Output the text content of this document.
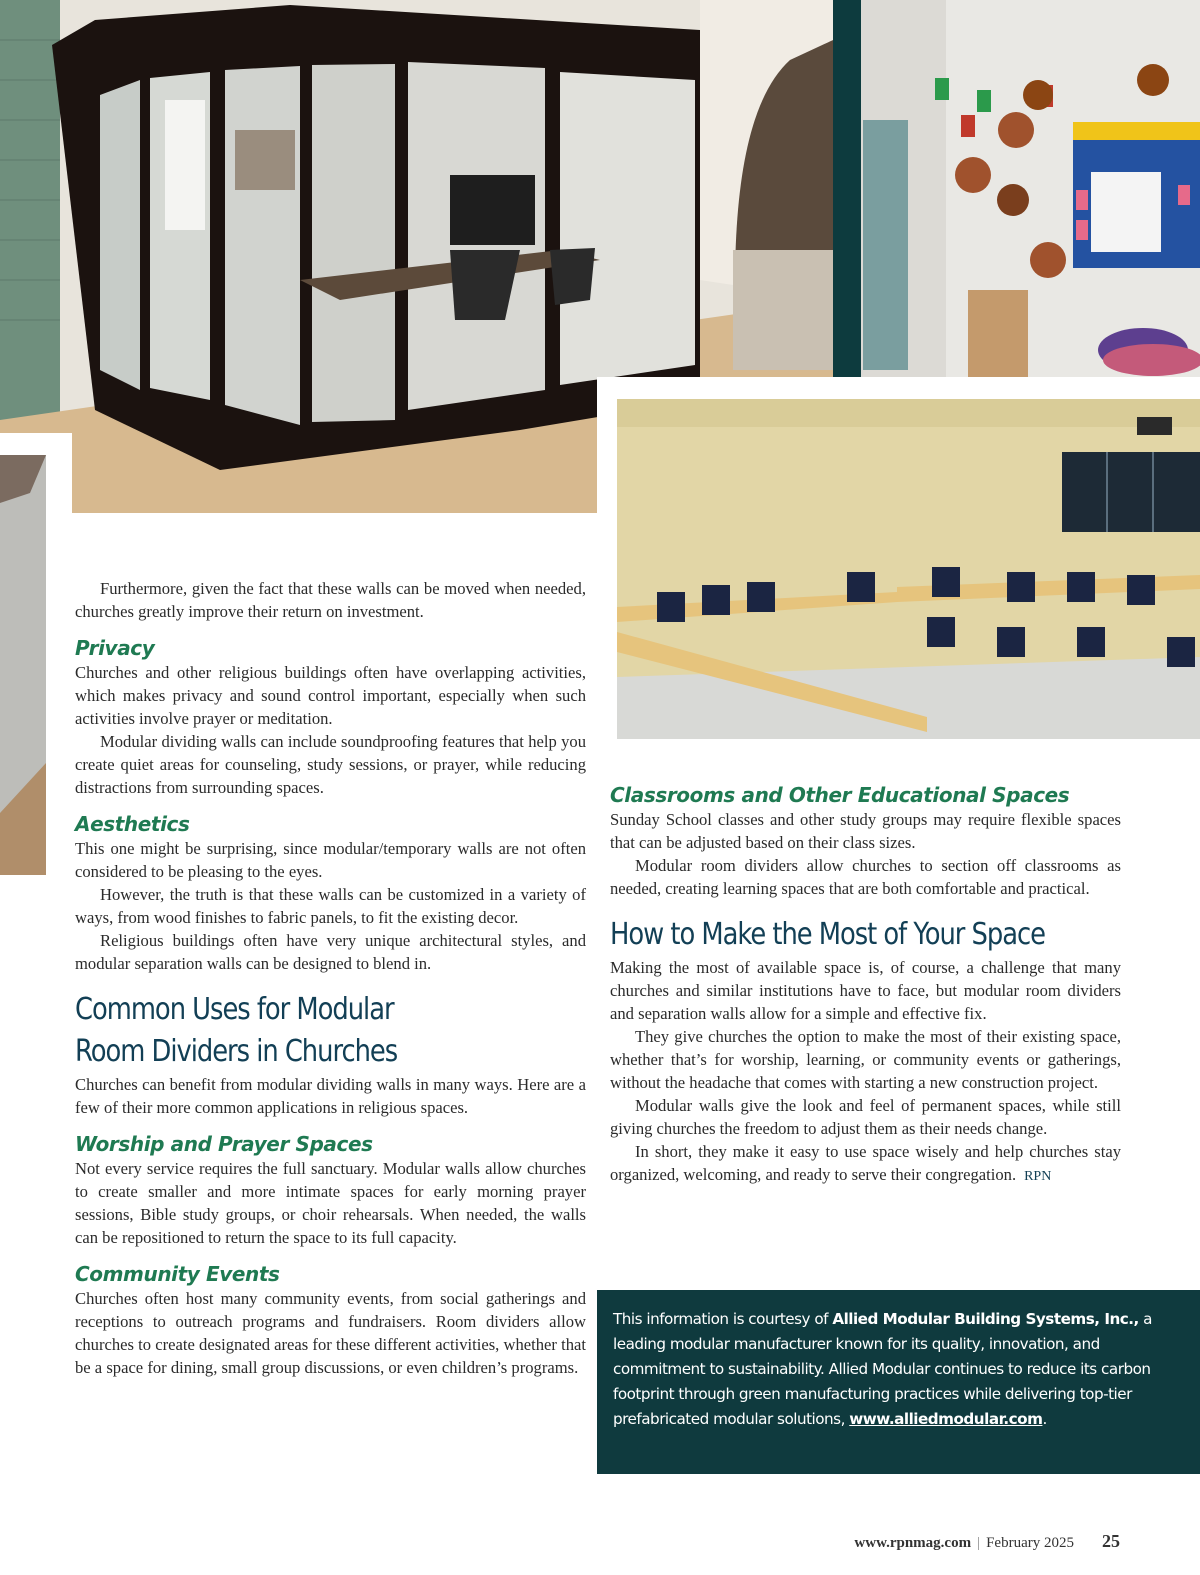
Furthermore, given the fact that these walls can be moved when needed, churches greatly improve their return on investment.

Privacy

Churches and other religious buildings often have overlapping activities, which makes privacy and sound control important, especially when such activities involve prayer or meditation.

Modular dividing walls can include soundproofing features that help you create quiet areas for counseling, study sessions, or prayer, while reducing distractions from surrounding spaces.

Aesthetics

This one might be surprising, since modular/temporary walls are not often considered to be pleasing to the eyes.

However, the truth is that these walls can be customized in a variety of ways, from wood finishes to fabric panels, to fit the existing decor.

Religious buildings often have very unique architectural styles, and modular separation walls can be designed to blend in.

Common Uses for Modular
Room Dividers in Churches

Churches can benefit from modular dividing walls in many ways. Here are a few of their more common applications in religious spaces.

Worship and Prayer Spaces

Not every service requires the full sanctuary. Modular walls allow churches to create smaller and more intimate spaces for early morning prayer sessions, Bible study groups, or choir rehearsals. When needed, the walls can be repositioned to return the space to its full capacity.

Community Events

Churches often host many community events, from social gatherings and receptions to outreach programs and fundraisers. Room dividers allow churches to create designated areas for these different activities, whether that be a space for dining, small group discussions, or even children’s programs.

Classrooms and Other Educational Spaces

Sunday School classes and other study groups may require flexible spaces that can be adjusted based on their class sizes.

Modular room dividers allow churches to section off classrooms as needed, creating learning spaces that are both comfortable and practical.

How to Make the Most of Your Space

Making the most of available space is, of course, a challenge that many churches and similar institutions have to face, but modular room dividers and separation walls allow for a simple and effective fix.

They give churches the option to make the most of their existing space, whether that’s for worship, learning, or community events or gatherings, without the headache that comes with starting a new construction project.

Modular walls give the look and feel of permanent spaces, while still giving churches the freedom to adjust them as their needs change.

In short, they make it easy to use space wisely and help churches stay organized, welcoming, and ready to serve their congregation. RPN

This information is courtesy of Allied Modular Building Systems, Inc., a leading modular manufacturer known for its quality, innovation, and commitment to sustainability. Allied Modular continues to reduce its carbon footprint through green manufacturing practices while delivering top-tier prefabricated modular solutions, www.alliedmodular.com.
www.rpnmag.com | February 2025 25
